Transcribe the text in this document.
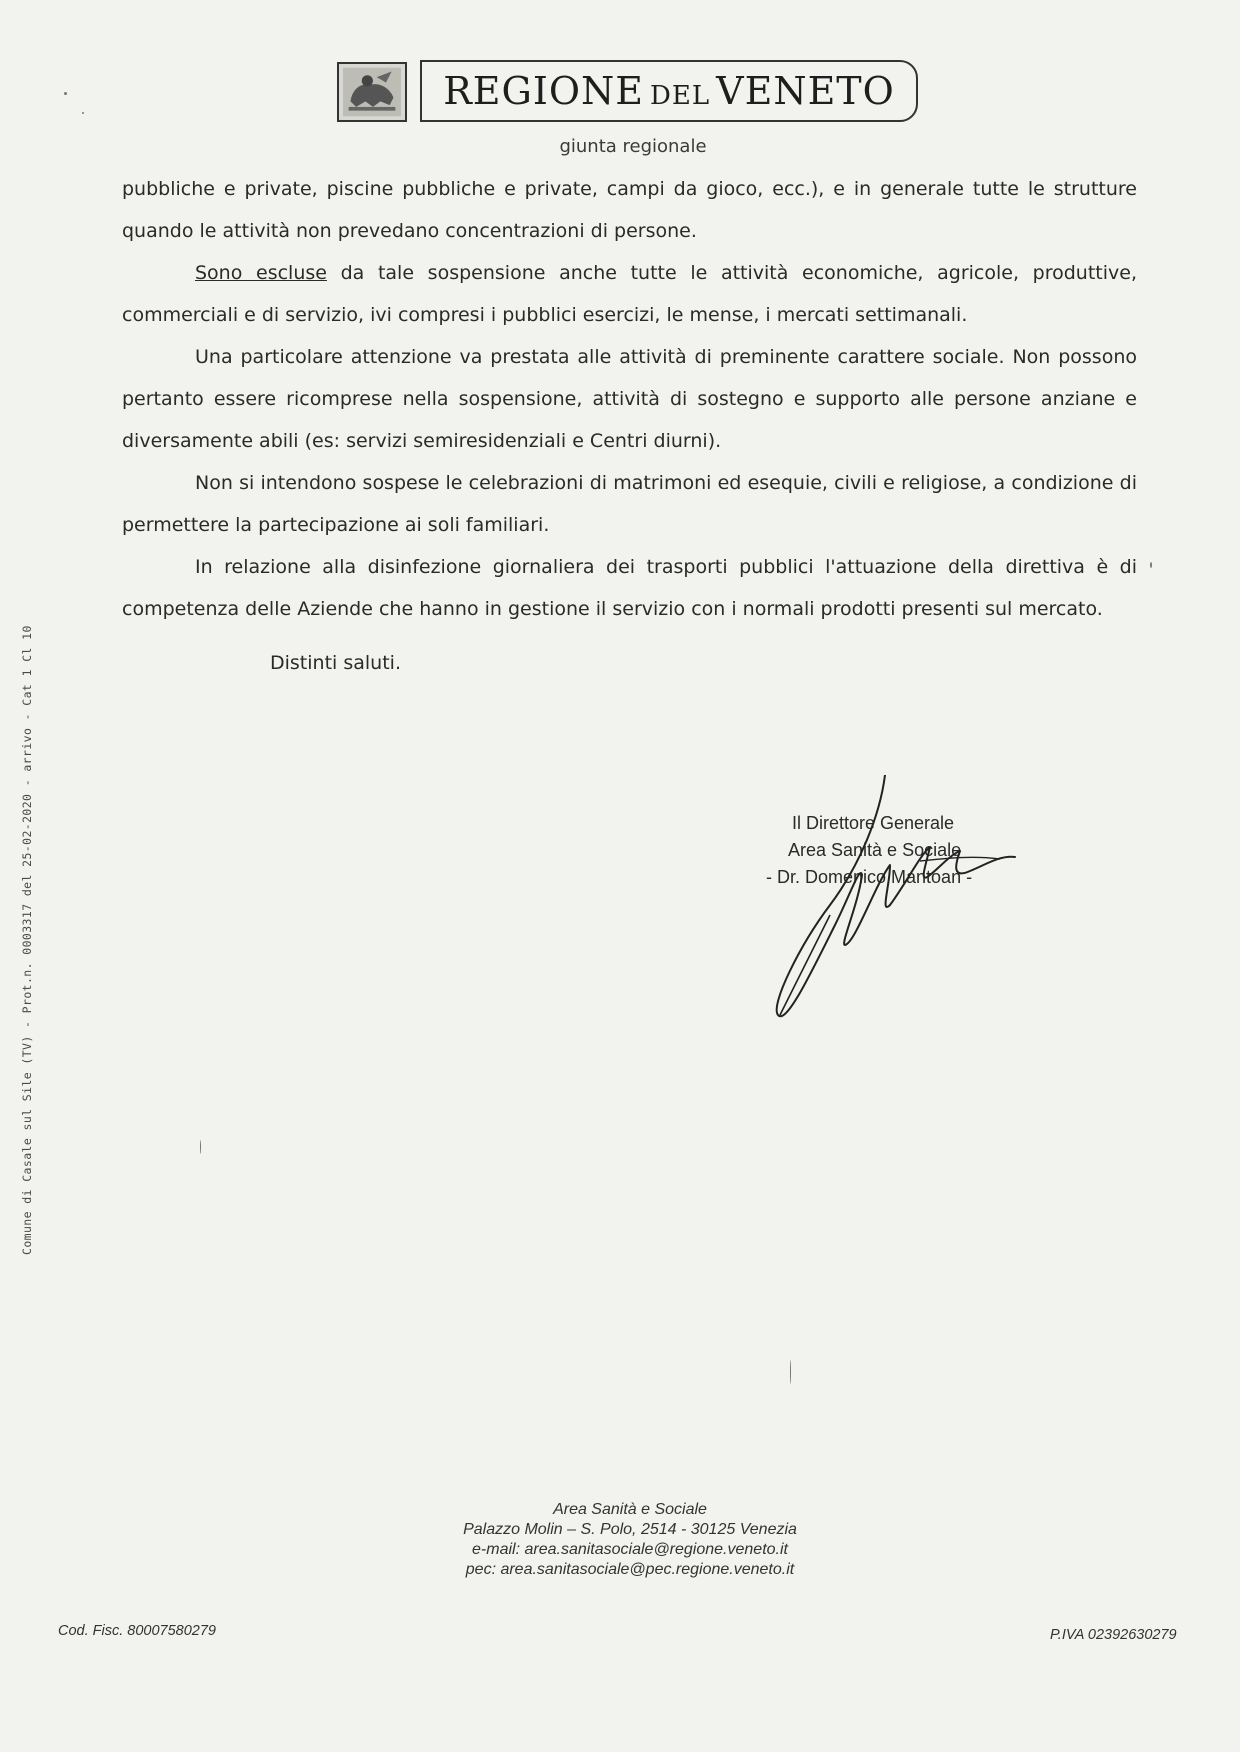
REGIONE DEL VENETO
giunta regionale

pubbliche e private, piscine pubbliche e private, campi da gioco, ecc.), e in generale tutte le strutture quando le attività non prevedano concentrazioni di persone.

Sono escluse da tale sospensione anche tutte le attività economiche, agricole, produttive, commerciali e di servizio, ivi compresi i pubblici esercizi, le mense, i mercati settimanali.

Una particolare attenzione va prestata alle attività di preminente carattere sociale. Non possono pertanto essere ricomprese nella sospensione, attività di sostegno e supporto alle persone anziane e diversamente abili (es: servizi semiresidenziali e Centri diurni).

Non si intendono sospese le celebrazioni di matrimoni ed esequie, civili e religiose, a condizione di permettere la partecipazione ai soli familiari.

In relazione alla disinfezione giornaliera dei trasporti pubblici l'attuazione della direttiva è di competenza delle Aziende che hanno in gestione il servizio con i normali prodotti presenti sul mercato.

Distinti saluti.
Il Direttore Generale
Area Sanità e Sociale
- Dr. Domenico Mantoan -
Comune di Casale sul Sile (TV) - Prot.n. 0003317 del 25-02-2020 - arrivo - Cat 1 Cl 10
Area Sanità e Sociale
Palazzo Molin – S. Polo, 2514 - 30125 Venezia
e-mail: area.sanitasociale@regione.veneto.it
pec: area.sanitasociale@pec.regione.veneto.it
Cod. Fisc. 80007580279	P.IVA 02392630279
